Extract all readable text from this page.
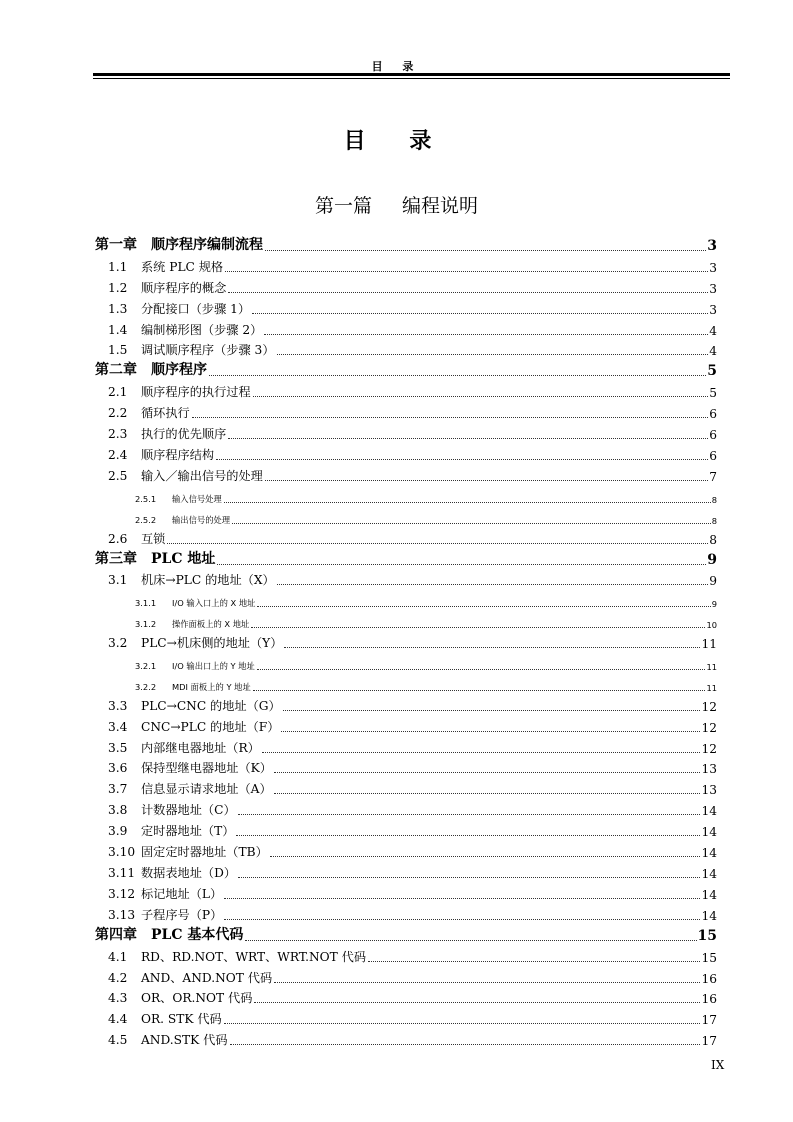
目 录
目 录
第一篇 编程说明
第一章　顺序程序编制流程	3
1.1 系统 PLC 规格	3
1.2 顺序程序的概念	3
1.3 分配接口（步骤 1）	3
1.4 编制梯形图（步骤 2）	4
1.5 调试顺序程序（步骤 3）	4
第二章　顺序程序	5
2.1 顺序程序的执行过程	5
2.2 循环执行	6
2.3 执行的优先顺序	6
2.4 顺序程序结构	6
2.5 输入／输出信号的处理	7
2.5.1 输入信号处理	8
2.5.2 输出信号的处理	8
2.6 互锁	8
第三章　PLC 地址	9
3.1 机床→PLC 的地址（X）	9
3.1.1 I/O 输入口上的 X 地址	9
3.1.2 操作面板上的 X 地址	10
3.2 PLC→机床侧的地址（Y）	11
3.2.1 I/O 输出口上的 Y 地址	11
3.2.2 MDI 面板上的 Y 地址	11
3.3 PLC→CNC 的地址（G）	12
3.4 CNC→PLC 的地址（F）	12
3.5 内部继电器地址（R）	12
3.6 保持型继电器地址（K）	13
3.7 信息显示请求地址（A）	13
3.8 计数器地址（C）	14
3.9 定时器地址（T）	14
3.10 固定定时器地址（TB）	14
3.11 数据表地址（D）	14
3.12 标记地址（L）	14
3.13 子程序号（P）	14
第四章　PLC 基本代码	15
4.1 RD、RD.NOT、WRT、WRT.NOT 代码	15
4.2 AND、AND.NOT 代码	16
4.3 OR、OR.NOT 代码	16
4.4 OR. STK 代码	17
4.5 AND.STK 代码	17
IX
